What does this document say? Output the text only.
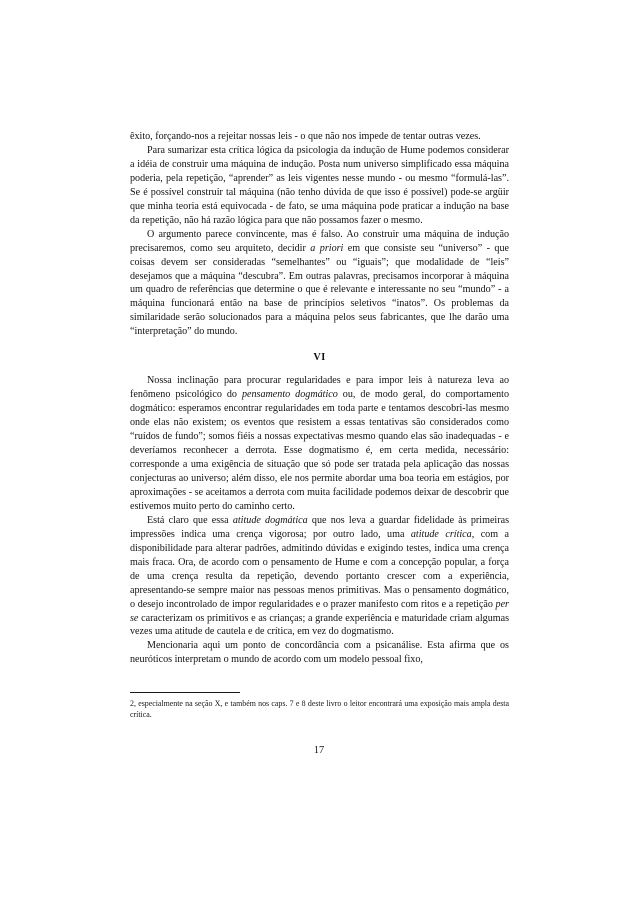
êxito, forçando-nos a rejeitar nossas leis - o que não nos impede de tentar outras vezes.

Para sumarizar esta crítica lógica da psicologia da indução de Hume podemos considerar a idéia de construir uma máquina de indução. Posta num universo simplificado essa máquina poderia, pela repetição, “aprender” as leis vigentes nesse mundo - ou mesmo “formulá-las”. Se é possível construir tal máquina (não tenho dúvida de que isso é possível) pode-se argüir que minha teoria está equivocada - de fato, se uma máquina pode praticar a indução na base da repetição, não há razão lógica para que não possamos fazer o mesmo.

O argumento parece convincente, mas é falso. Ao construir uma máquina de indução precisaremos, como seu arquiteto, decidir a priori em que consiste seu “universo” - que coisas devem ser consideradas “semelhantes” ou “iguais”; que modalidade de “leis” desejamos que a máquina “descubra”. Em outras palavras, precisamos incorporar à máquina um quadro de referências que determine o que é relevante e interessante no seu “mundo” - a máquina funcionará então na base de princípios seletivos “inatos”. Os problemas da similaridade serão solucionados para a máquina pelos seus fabricantes, que lhe darão uma “interpretação” do mundo.

VI

Nossa inclinação para procurar regularidades e para impor leis à natureza leva ao fenômeno psicológico do pensamento dogmático ou, de modo geral, do comportamento dogmático: esperamos encontrar regularidades em toda parte e tentamos descobri-las mesmo onde elas não existem; os eventos que resistem a essas tentativas são considerados como “ruídos de fundo”; somos fiéis a nossas expectativas mesmo quando elas são inadequadas - e deveríamos reconhecer a derrota. Esse dogmatismo é, em certa medida, necessário: corresponde a uma exigência de situação que só pode ser tratada pela aplicação das nossas conjecturas ao universo; além disso, ele nos permite abordar uma boa teoria em estágios, por aproximações - se aceitamos a derrota com muita facilidade podemos deixar de descobrir que estivemos muito perto do caminho certo.

Está claro que essa atitude dogmática que nos leva a guardar fidelidade às primeiras impressões indica uma crença vigorosa; por outro lado, uma atitude crítica, com a disponibilidade para alterar padrões, admitindo dúvidas e exigindo testes, indica uma crença mais fraca. Ora, de acordo com o pensamento de Hume e com a concepção popular, a força de uma crença resulta da repetição, devendo portanto crescer com a experiência, apresentando-se sempre maior nas pessoas menos primitivas. Mas o pensamento dogmático, o desejo incontrolado de impor regularidades e o prazer manifesto com ritos e a repetição per se caracterizam os primitivos e as crianças; a grande experiência e maturidade criam algumas vezes uma atitude de cautela e de crítica, em vez do dogmatismo.

Mencionaria aqui um ponto de concordância com a psicanálise. Esta afirma que os neuróticos interpretam o mundo de acordo com um modelo pessoal fixo,

2, especialmente na seção X, e também nos caps. 7 e 8 deste livro o leitor encontrará uma exposição mais ampla desta crítica.

17
